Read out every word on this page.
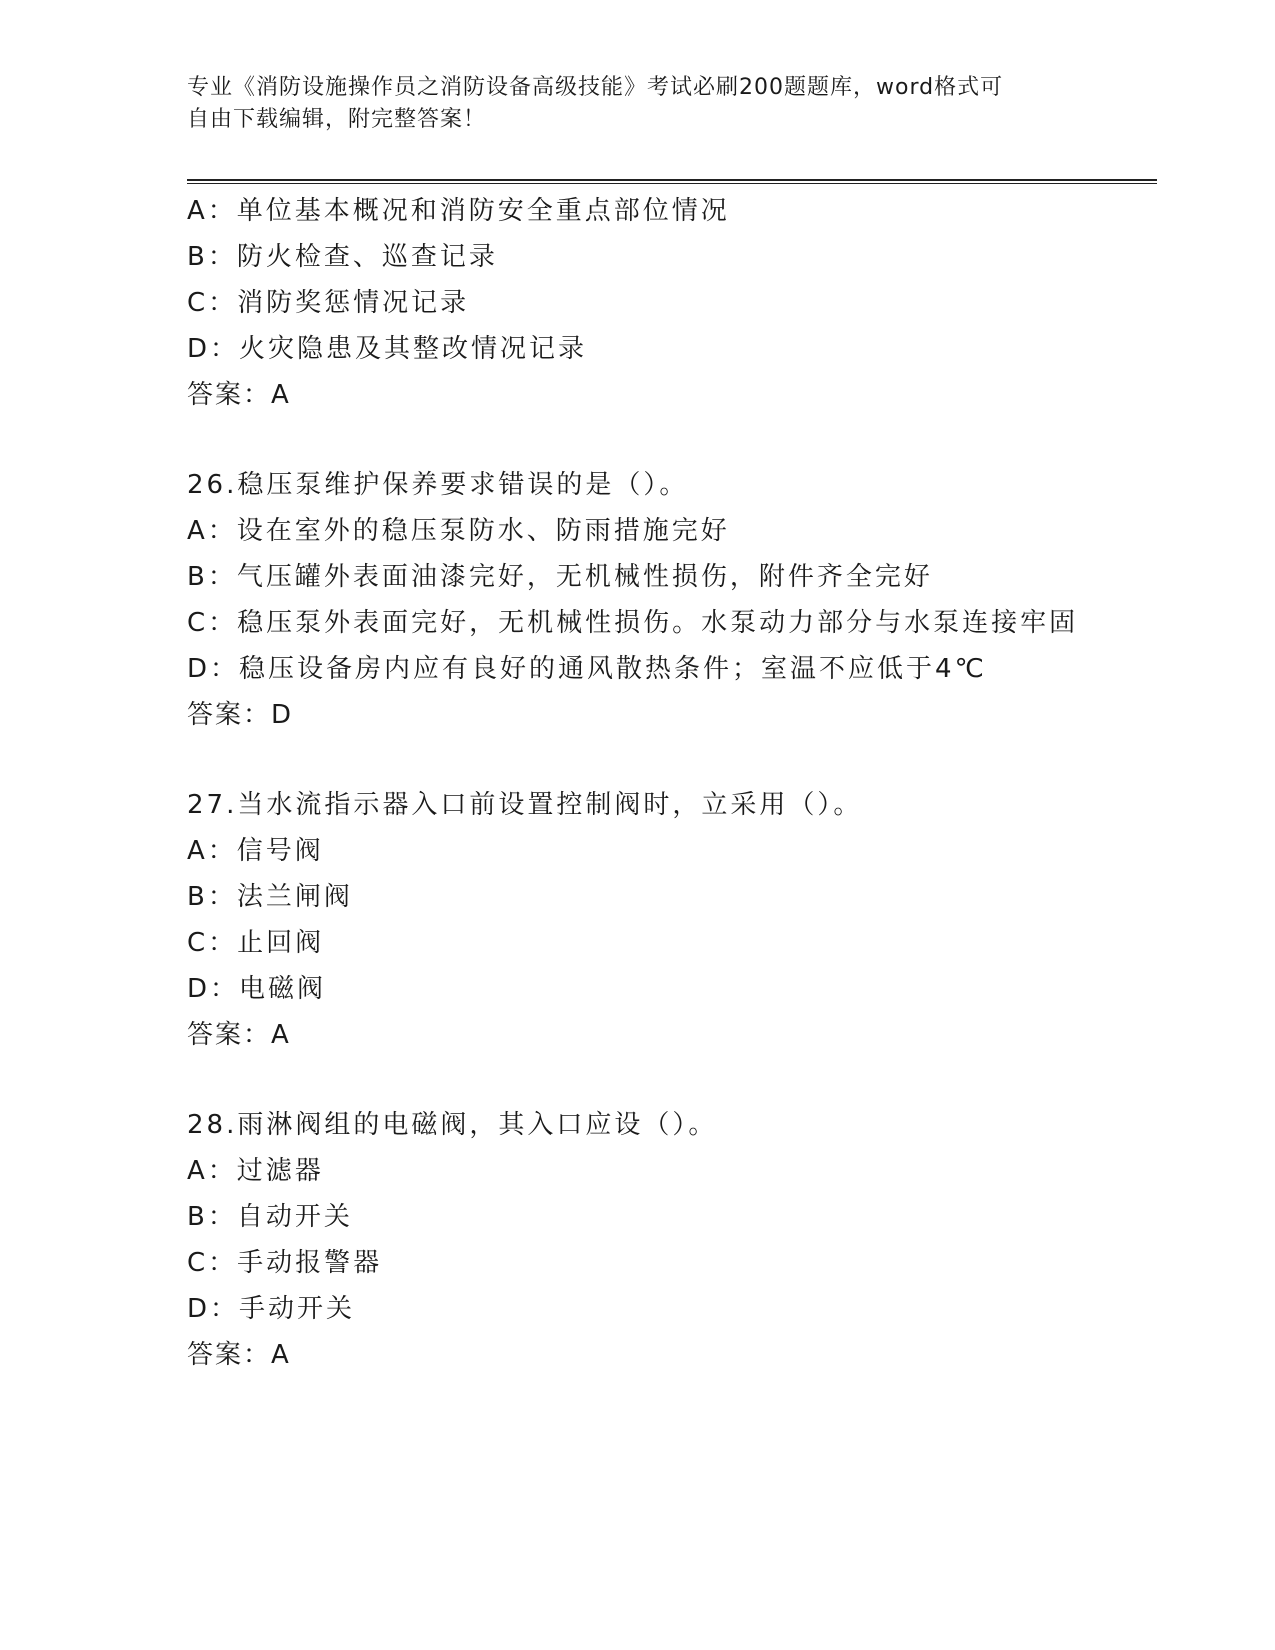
专业《消防设施操作员之消防设备高级技能》考试必刷200题题库，word格式可
自由下载编辑，附完整答案！
A：单位基本概况和消防安全重点部位情况
B：防火检查、巡查记录
C：消防奖惩情况记录
D：火灾隐患及其整改情况记录
答案：A
26.稳压泵维护保养要求错误的是（）。
A：设在室外的稳压泵防水、防雨措施完好
B：气压罐外表面油漆完好，无机械性损伤，附件齐全完好
C：稳压泵外表面完好，无机械性损伤。水泵动力部分与水泵连接牢固
D：稳压设备房内应有良好的通风散热条件；室温不应低于4℃
答案：D
27.当水流指示器入口前设置控制阀时，立采用（）。
A：信号阀
B：法兰闸阀
C：止回阀
D：电磁阀
答案：A
28.雨淋阀组的电磁阀，其入口应设（）。
A：过滤器
B：自动开关
C：手动报警器
D：手动开关
答案：A
